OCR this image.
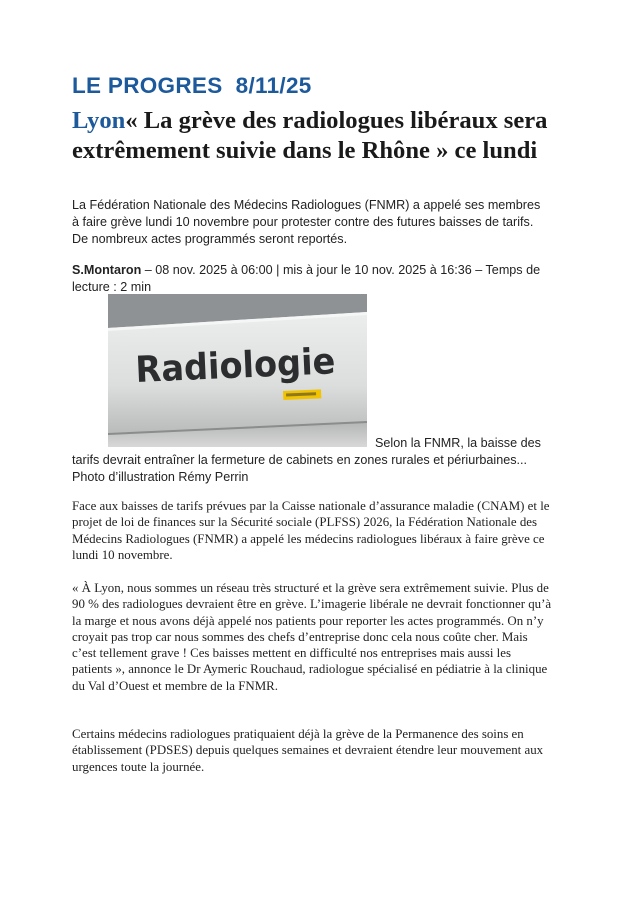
LE PROGRES 8/11/25
Lyon« La grève des radiologues libéraux sera extrêmement suivie dans le Rhône » ce lundi
La Fédération Nationale des Médecins Radiologues (FNMR) a appelé ses membres à faire grève lundi 10 novembre pour protester contre des futures baisses de tarifs. De nombreux actes programmés seront reportés.
S.Montaron – 08 nov. 2025 à 06:00 | mis à jour le 10 nov. 2025 à 16:36 – Temps de lecture : 2 min
Radiologie
Selon la FNMR, la baisse des tarifs devrait entraîner la fermeture de cabinets en zones rurales et périurbaines... Photo d’illustration Rémy Perrin

Face aux baisses de tarifs prévues par la Caisse nationale d’assurance maladie (CNAM) et le projet de loi de finances sur la Sécurité sociale (PLFSS) 2026, la Fédération Nationale des Médecins Radiologues (FNMR) a appelé les médecins radiologues libéraux à faire grève ce lundi 10 novembre.

« À Lyon, nous sommes un réseau très structuré et la grève sera extrêmement suivie. Plus de 90 % des radiologues devraient être en grève. L’imagerie libérale ne devrait fonctionner qu’à la marge et nous avons déjà appelé nos patients pour reporter les actes programmés. On n’y croyait pas trop car nous sommes des chefs d’entreprise donc cela nous coûte cher. Mais c’est tellement grave ! Ces baisses mettent en difficulté nos entreprises mais aussi les patients », annonce le Dr Aymeric Rouchaud, radiologue spécialisé en pédiatrie à la clinique du Val d’Ouest et membre de la FNMR.

Certains médecins radiologues pratiquaient déjà la grève de la Permanence des soins en établissement (PDSES) depuis quelques semaines et devraient étendre leur mouvement aux urgences toute la journée.
